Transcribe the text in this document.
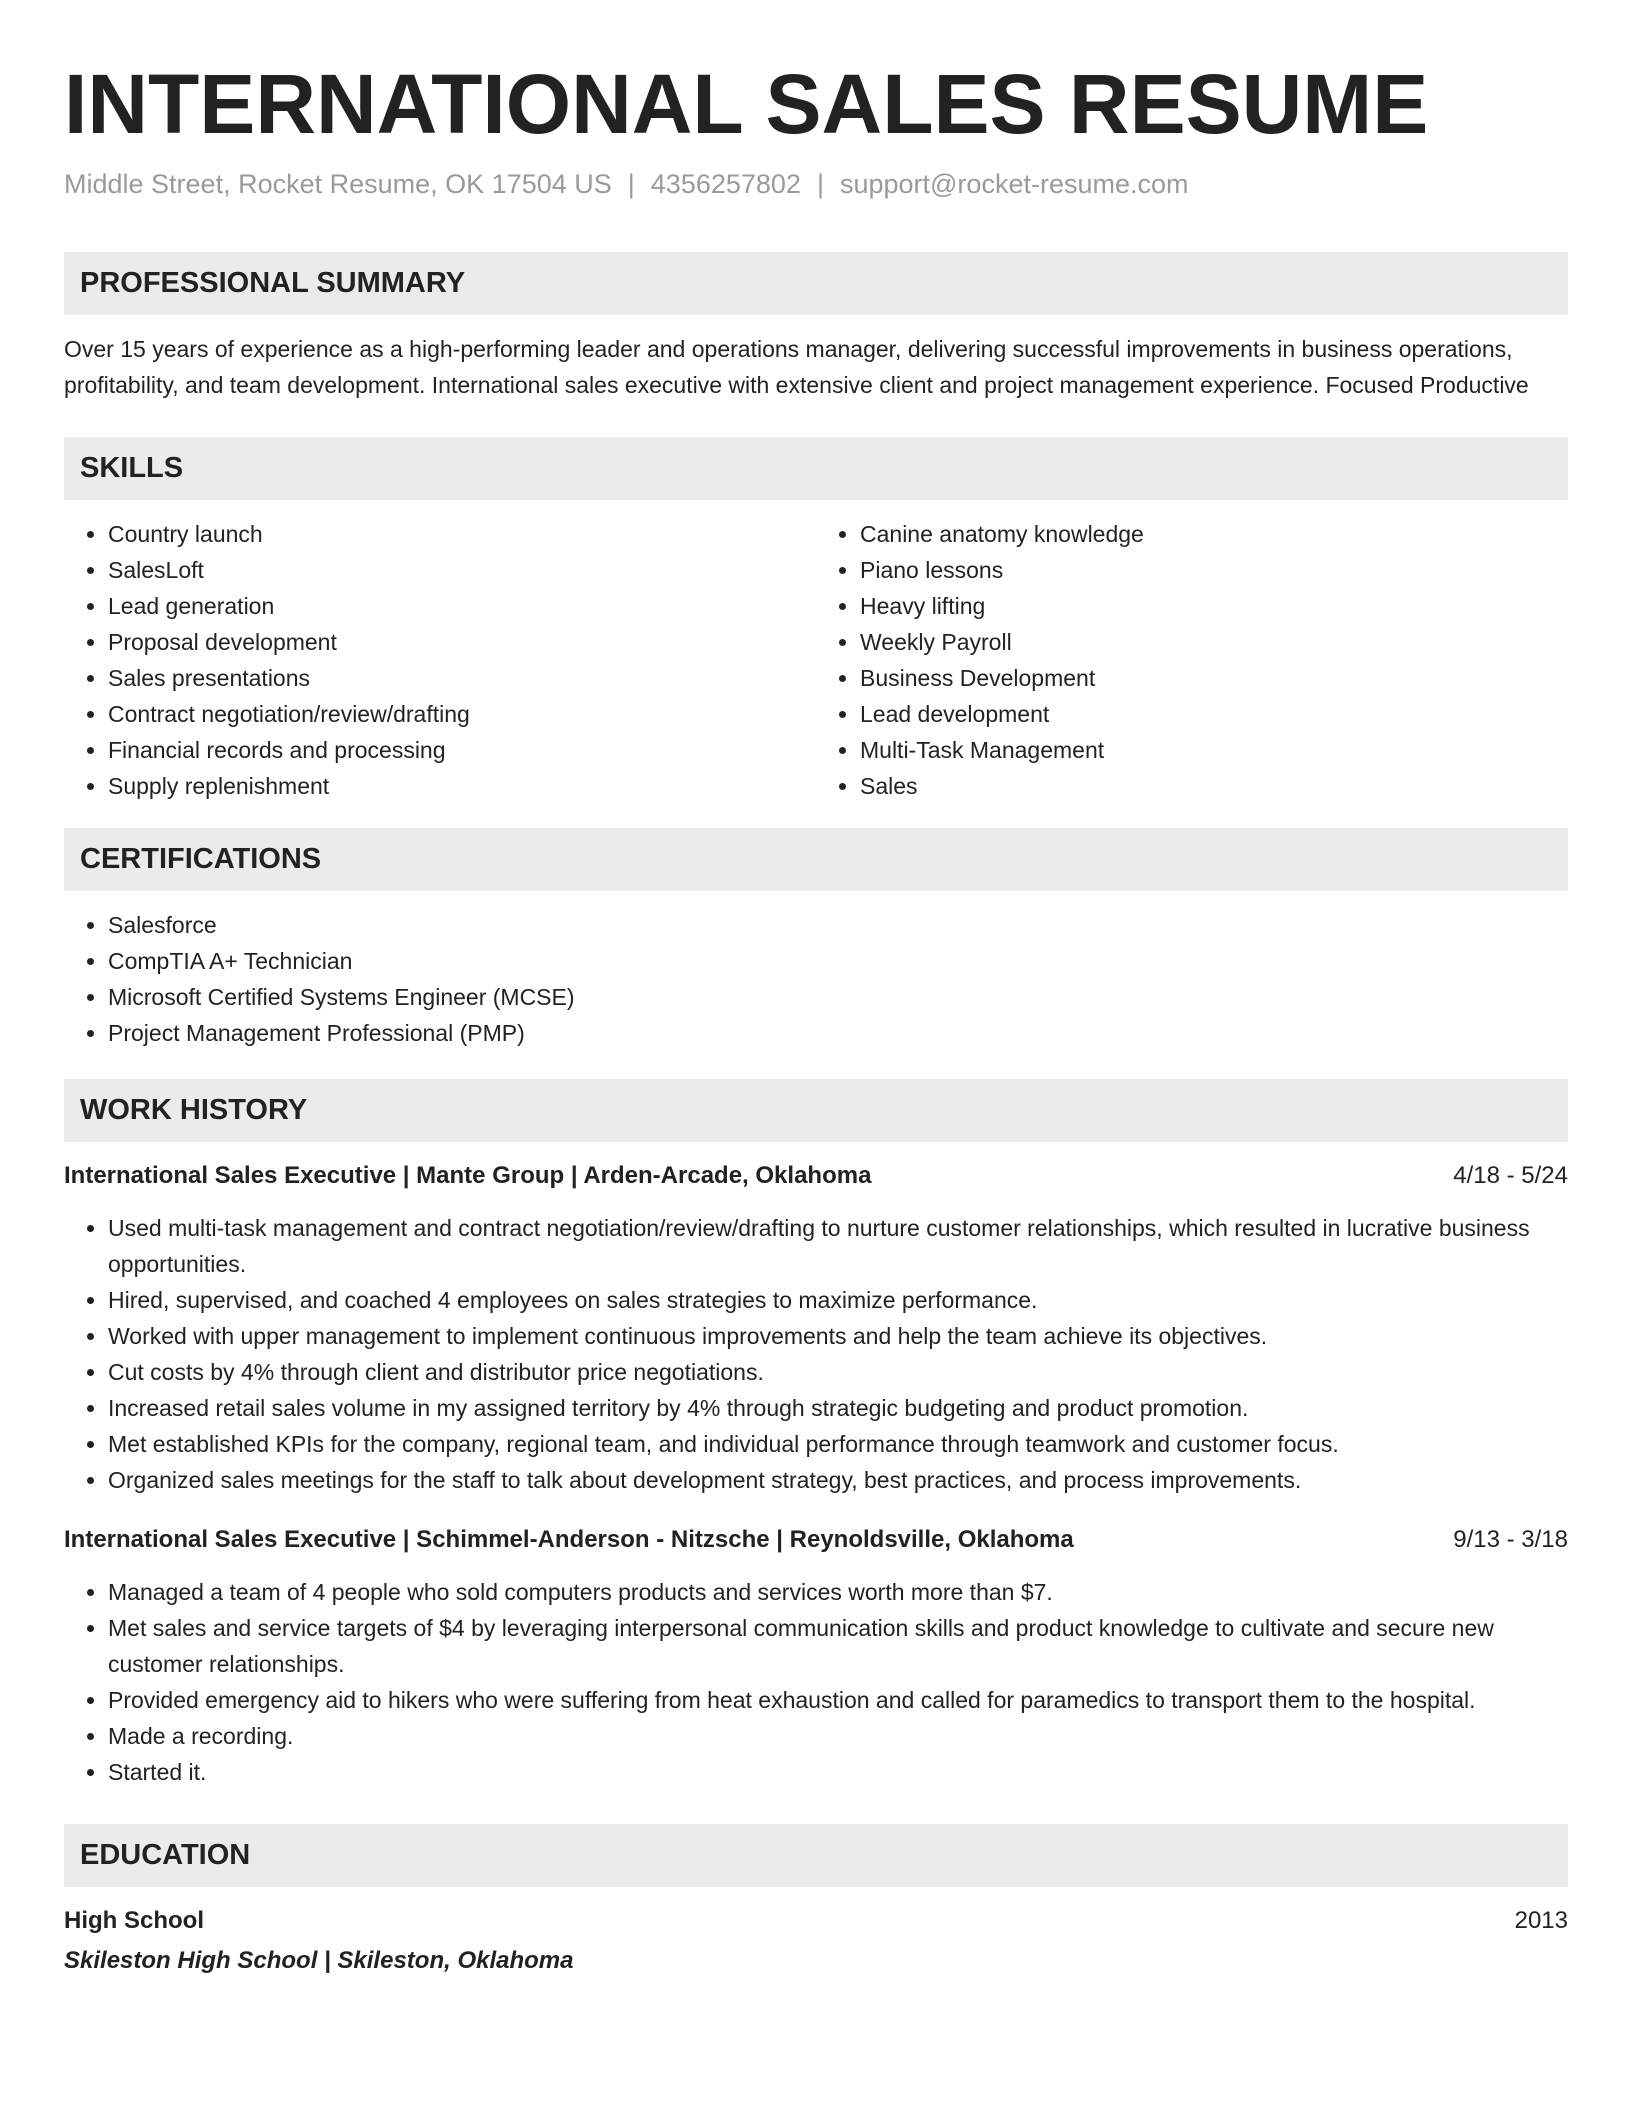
INTERNATIONAL SALES RESUME
Middle Street, Rocket Resume, OK 17504 US | 4356257802 | support@rocket-resume.com
PROFESSIONAL SUMMARY
Over 15 years of experience as a high-performing leader and operations manager, delivering successful improvements in business operations, profitability, and team development. International sales executive with extensive client and project management experience. Focused Productive
SKILLS
• Country launch
• SalesLoft
• Lead generation
• Proposal development
• Sales presentations
• Contract negotiation/review/drafting
• Financial records and processing
• Supply replenishment
• Canine anatomy knowledge
• Piano lessons
• Heavy lifting
• Weekly Payroll
• Business Development
• Lead development
• Multi-Task Management
• Sales
CERTIFICATIONS
• Salesforce
• CompTIA A+ Technician
• Microsoft Certified Systems Engineer (MCSE)
• Project Management Professional (PMP)
WORK HISTORY
International Sales Executive | Mante Group | Arden-Arcade, Oklahoma	4/18 - 5/24
• Used multi-task management and contract negotiation/review/drafting to nurture customer relationships, which resulted in lucrative business opportunities.
• Hired, supervised, and coached 4 employees on sales strategies to maximize performance.
• Worked with upper management to implement continuous improvements and help the team achieve its objectives.
• Cut costs by 4% through client and distributor price negotiations.
• Increased retail sales volume in my assigned territory by 4% through strategic budgeting and product promotion.
• Met established KPIs for the company, regional team, and individual performance through teamwork and customer focus.
• Organized sales meetings for the staff to talk about development strategy, best practices, and process improvements.
International Sales Executive | Schimmel-Anderson - Nitzsche | Reynoldsville, Oklahoma	9/13 - 3/18
• Managed a team of 4 people who sold computers products and services worth more than $7.
• Met sales and service targets of $4 by leveraging interpersonal communication skills and product knowledge to cultivate and secure new customer relationships.
• Provided emergency aid to hikers who were suffering from heat exhaustion and called for paramedics to transport them to the hospital.
• Made a recording.
• Started it.
EDUCATION
High School	2013
Skileston High School | Skileston, Oklahoma
